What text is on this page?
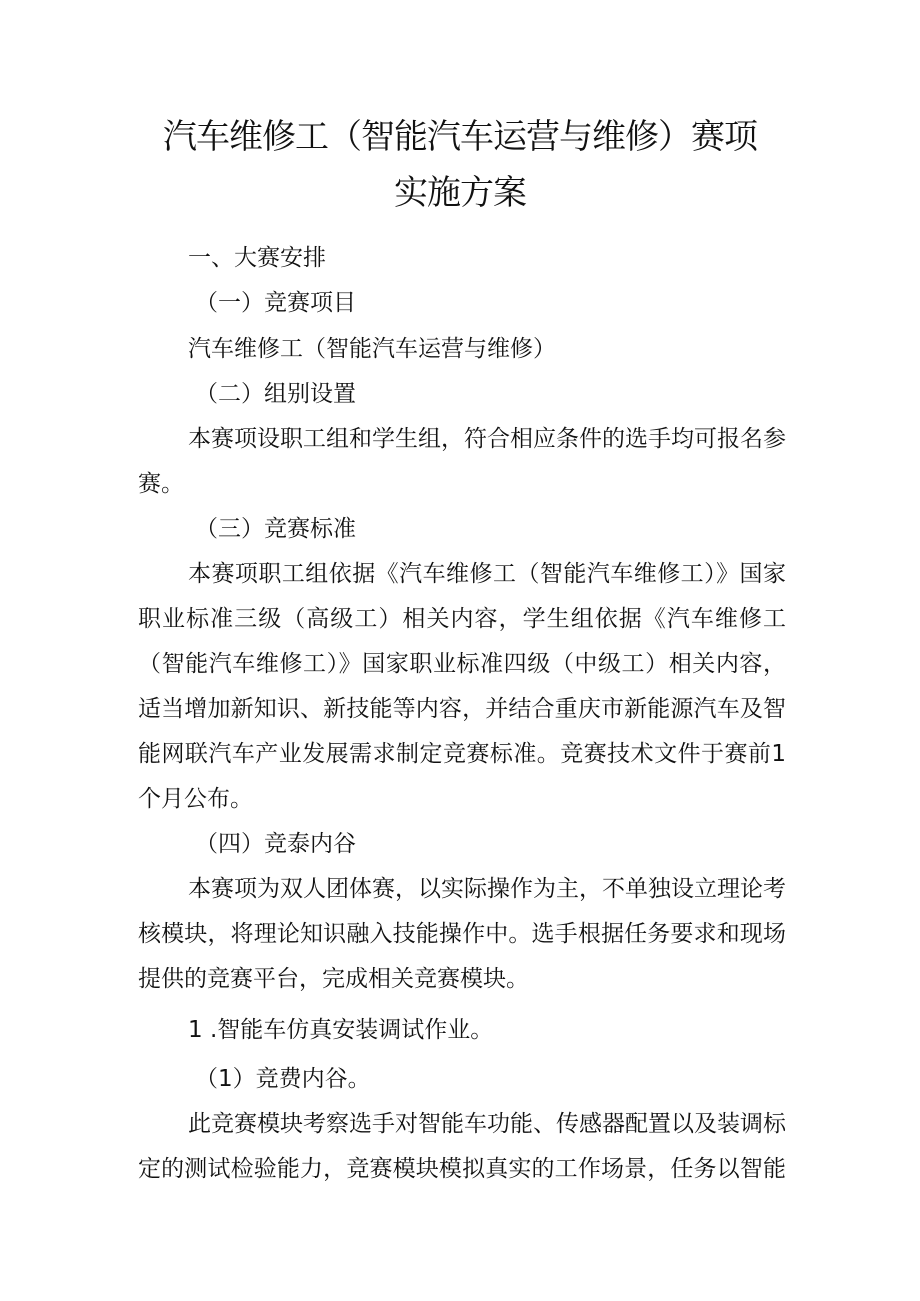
汽车维修工（智能汽车运营与维修）赛项
实施方案

一、大赛安排

（一）竞赛项目

汽车维修工（智能汽车运营与维修）

（二）组别设置

本赛项设职工组和学生组，符合相应条件的选手均可报名参

赛。

（三）竞赛标准

本赛项职工组依据《汽车维修工（智能汽车维修工）》国家

职业标准三级（高级工）相关内容，学生组依据《汽车维修工

（智能汽车维修工）》国家职业标准四级（中级工）相关内容，

适当增加新知识、新技能等内容，并结合重庆市新能源汽车及智

能网联汽车产业发展需求制定竞赛标准。竞赛技术文件于赛前1

个月公布。

（四）竞泰内谷

本赛项为双人团体赛，以实际操作为主，不单独设立理论考

核模块，将理论知识融入技能操作中。选手根据任务要求和现场

提供的竞赛平台，完成相关竞赛模块。

1 .智能车仿真安装调试作业。

（1）竞费内谷。

此竞赛模块考察选手对智能车功能、传感器配置以及装调标

定的测试检验能力，竞赛模块模拟真实的工作场景，任务以智能
